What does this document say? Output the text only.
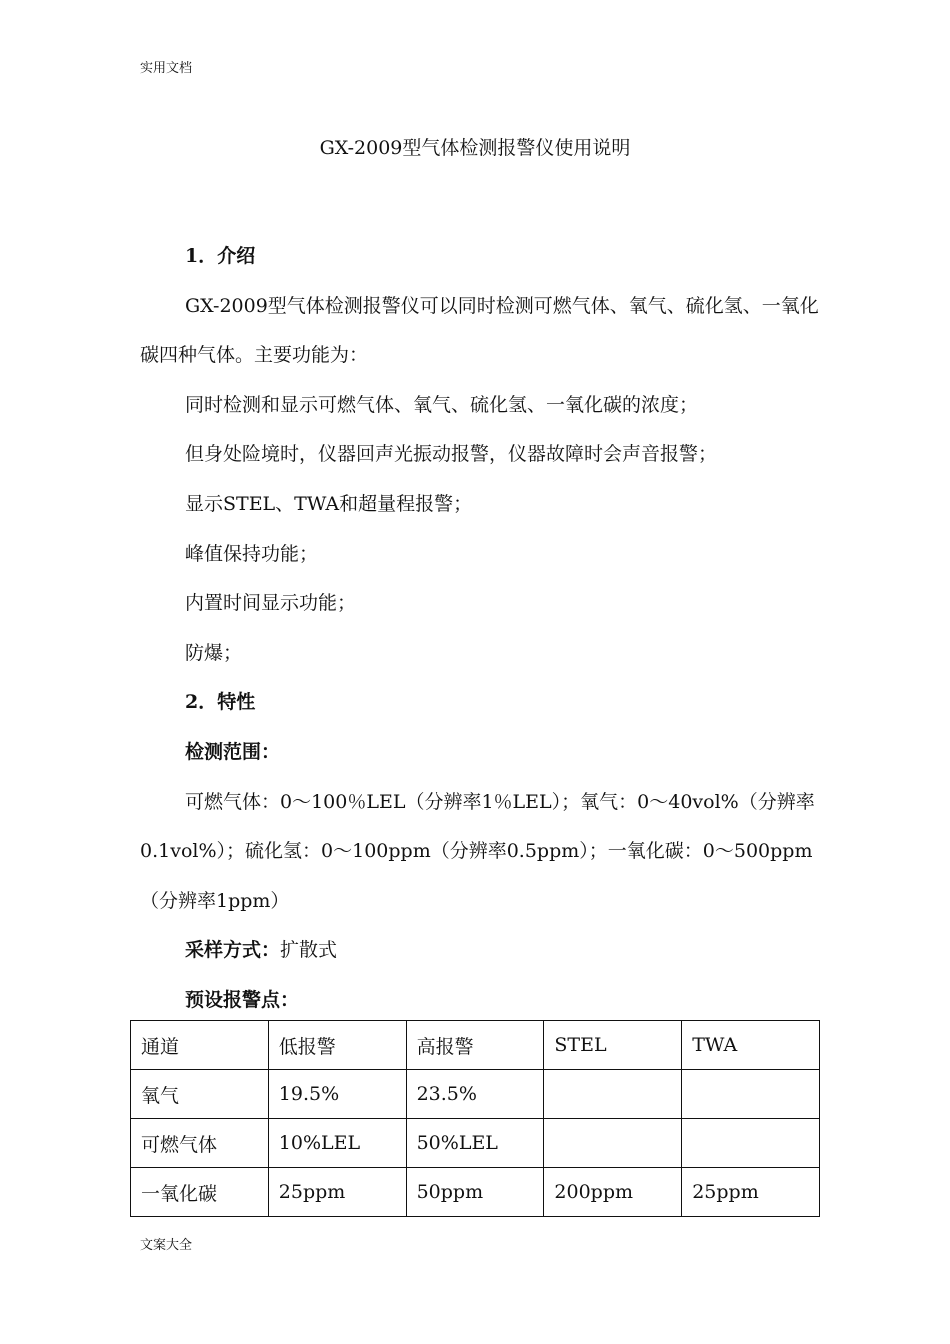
实用文档
GX-2009型气体检测报警仪使用说明

1．介绍

GX-2009型气体检测报警仪可以同时检测可燃气体、氧气、硫化氢、一氧化碳四种气体。主要功能为：

同时检测和显示可燃气体、氧气、硫化氢、一氧化碳的浓度；

但身处险境时，仪器回声光振动报警，仪器故障时会声音报警；

显示STEL、TWA和超量程报警；

峰值保持功能；

内置时间显示功能；

防爆；

2．特性

检测范围：

可燃气体：0～100％LEL（分辨率1％LEL）；氧气：0～40vol%（分辨率0.1vol%）；硫化氢：0～100ppm（分辨率0.5ppm）；一氧化碳：0～500ppm（分辨率1ppm）

采样方式：扩散式

预设报警点：

通道	低报警	高报警	STEL	TWA
氧气	19.5%	23.5%		
可燃气体	10%LEL	50%LEL		
一氧化碳	25ppm	50ppm	200ppm	25ppm
文案大全
